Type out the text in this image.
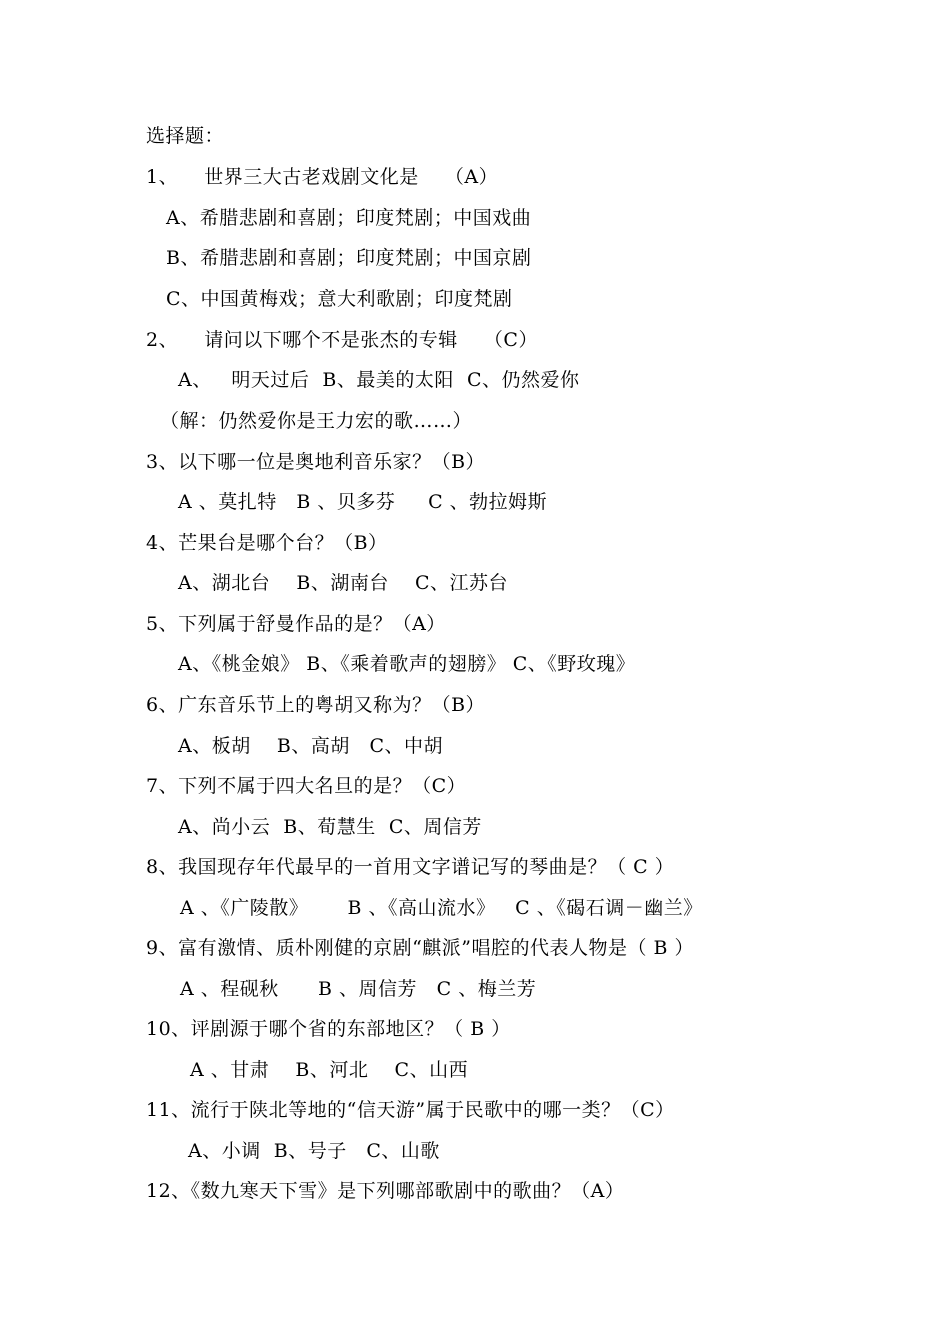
选择题：
1、    世界三大古老戏剧文化是    （A）
A、希腊悲剧和喜剧；印度梵剧；中国戏曲
B、希腊悲剧和喜剧；印度梵剧；中国京剧
C、中国黄梅戏；意大利歌剧；印度梵剧
2、    请问以下哪个不是张杰的专辑    （C）
A、   明天过后  B、最美的太阳  C、仍然爱你
（解：仍然爱你是王力宏的歌……）
3、以下哪一位是奥地利音乐家？（B）
A 、莫扎特   B 、贝多芬     C 、勃拉姆斯
4、芒果台是哪个台？（B）
A、湖北台    B、湖南台    C、江苏台
5、下列属于舒曼作品的是？（A）
A、《桃金娘》 B、《乘着歌声的翅膀》 C、《野玫瑰》
6、广东音乐节上的粤胡又称为？（B）
A、板胡    B、高胡   C、中胡
7、下列不属于四大名旦的是？（C）
A、尚小云  B、荀慧生  C、周信芳
8、我国现存年代最早的一首用文字谱记写的琴曲是？（ C ）
A 、《广陵散》      B 、《高山流水》   C 、《碣石调－幽兰》
9、富有激情、质朴刚健的京剧“麒派”唱腔的代表人物是（ B ）
A 、程砚秋      B 、周信芳   C 、梅兰芳
10、评剧源于哪个省的东部地区？（ B ）
A 、甘肃    B、河北    C、山西
11、流行于陕北等地的“信天游”属于民歌中的哪一类？（C）
A、小调  B、号子   C、山歌
12、《数九寒天下雪》是下列哪部歌剧中的歌曲？（A）
